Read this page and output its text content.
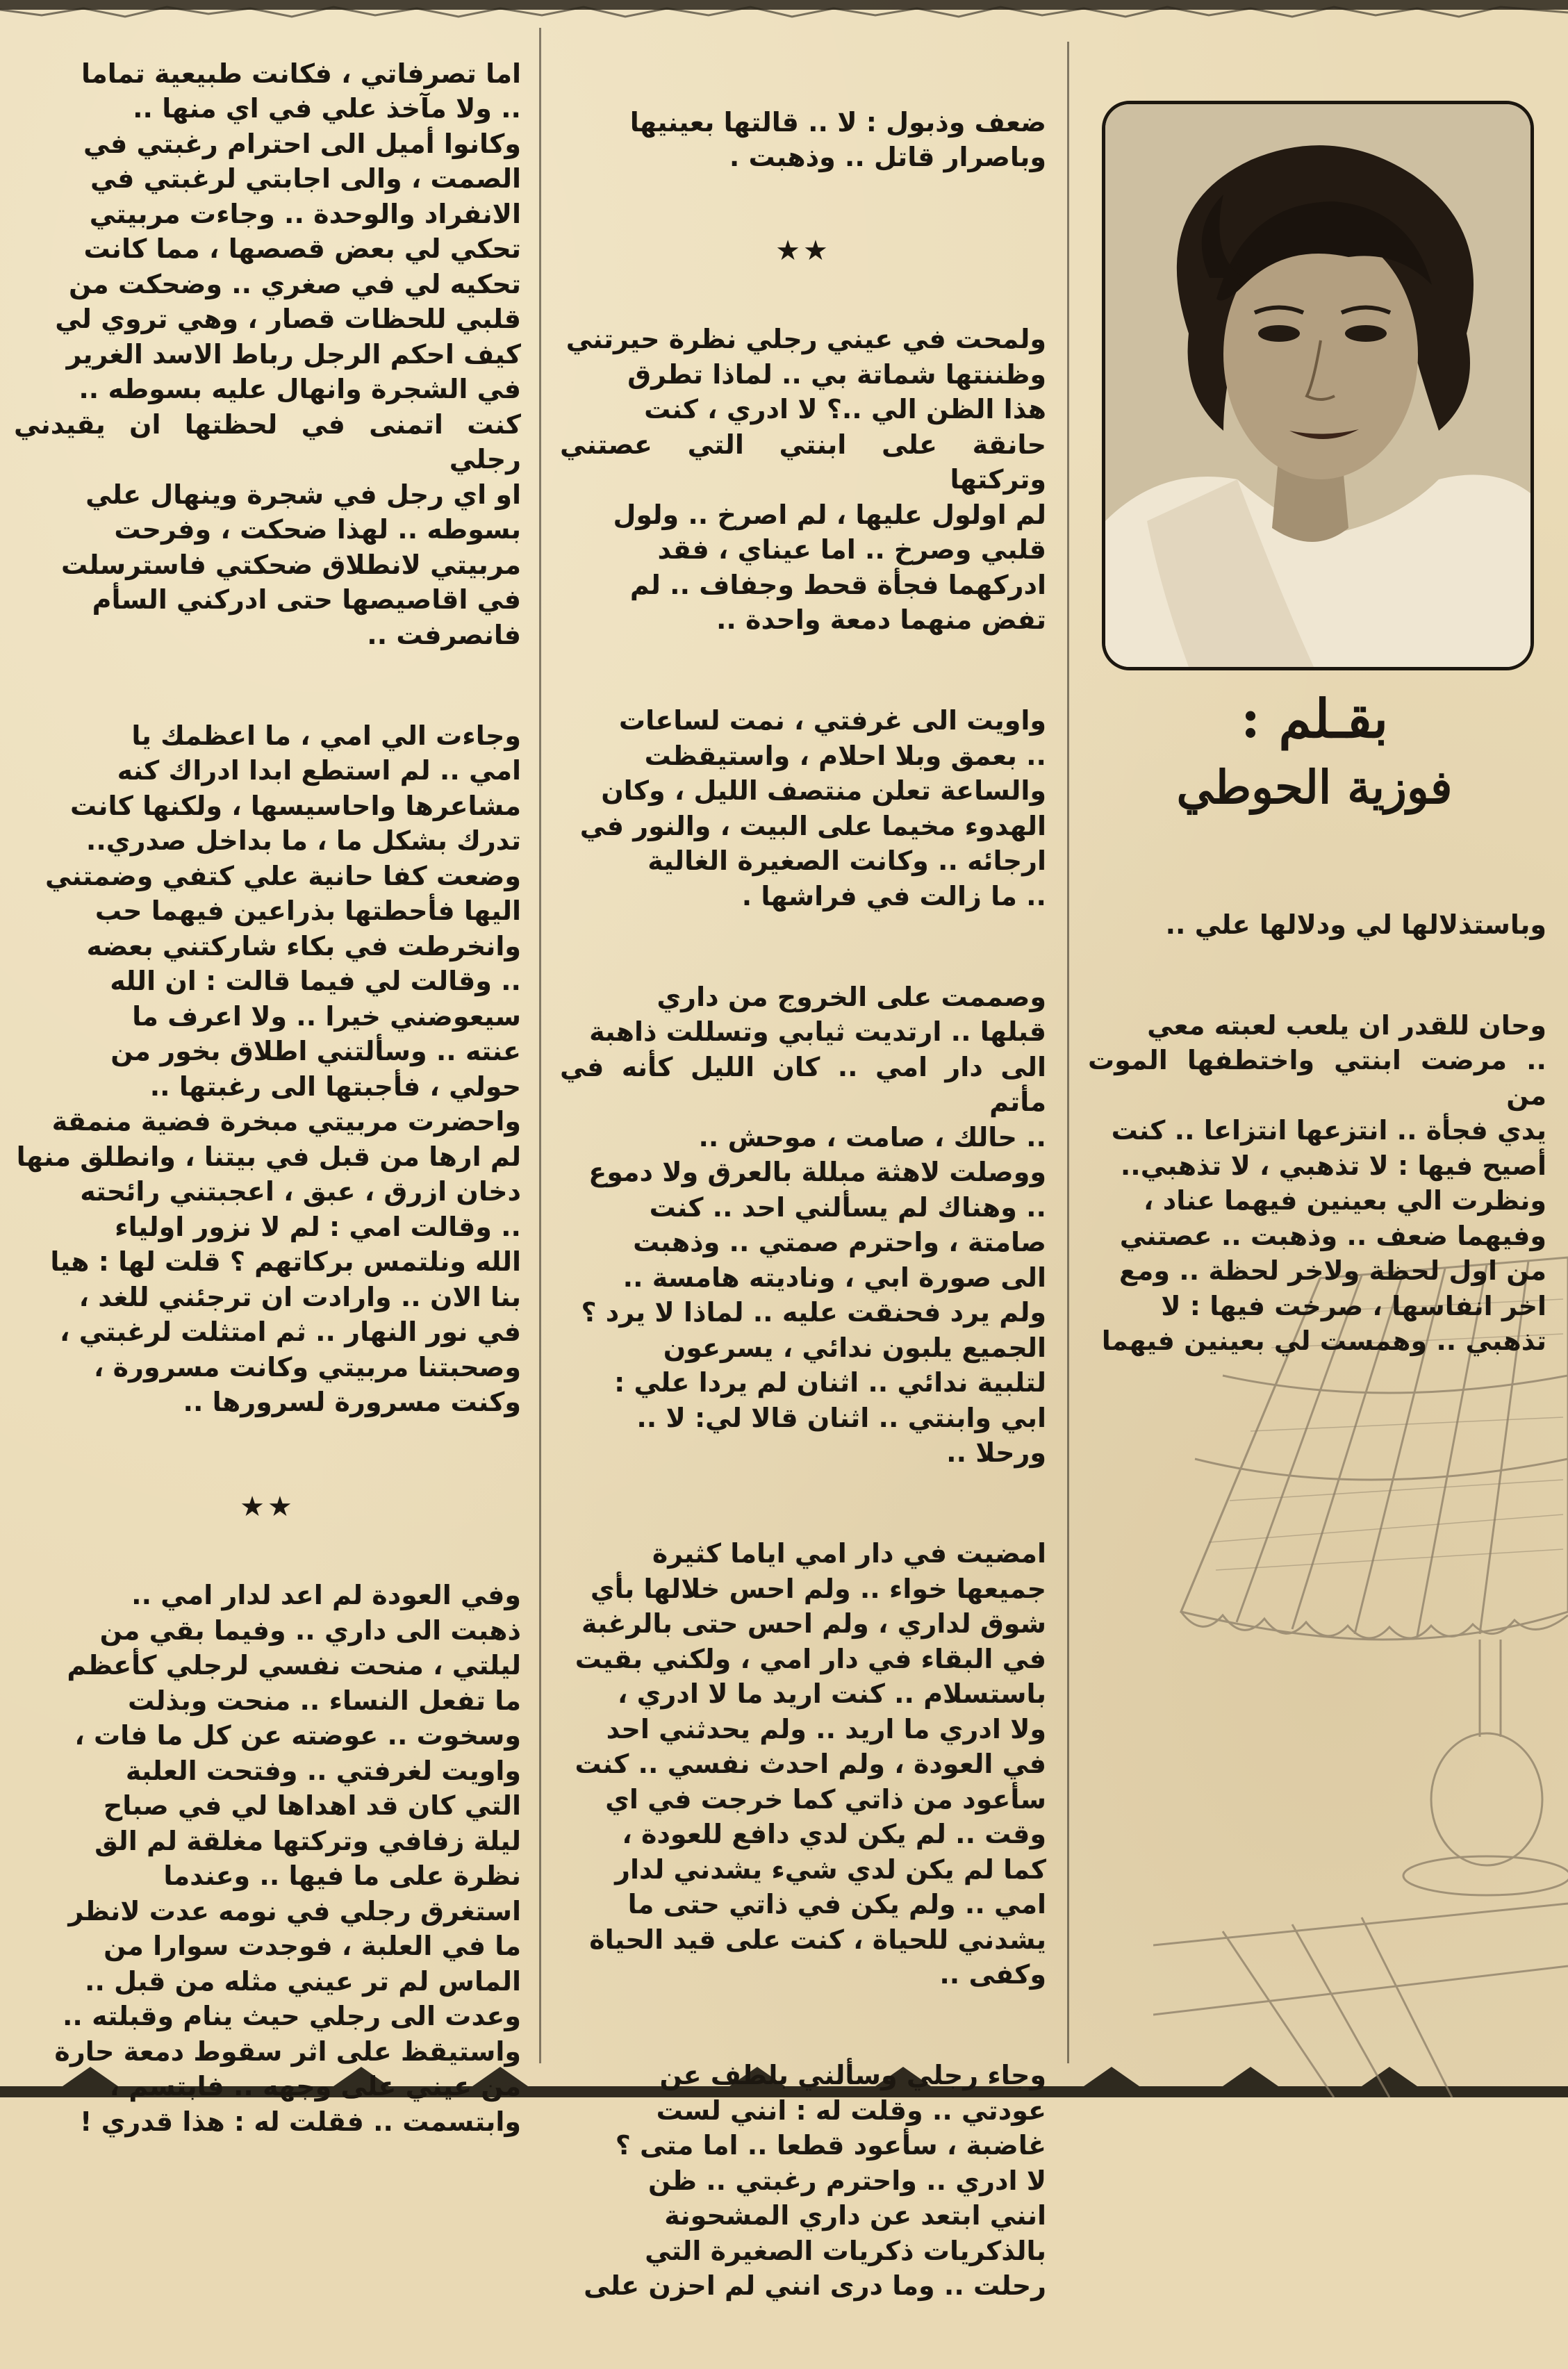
بقـلم :
فوزية الحوطي

وباستذلالها لي ودلالها علي ..

وحان للقدر ان يلعب لعبته معي
.. مرضت ابنتي واختطفها الموت من
يدي فجأة .. انتزعها انتزاعا .. كنت
أصيح فيها : لا تذهبي ، لا تذهبي..
ونظرت الي بعينين فيهما عناد ،
وفيهما ضعف .. وذهبت .. عصتني
من اول لحظة ولاخر لحظة .. ومع
اخر انفاسها ، صرخت فيها : لا
تذهبي .. وهمست لي بعينين فيهما

ضعف وذبول : لا .. قالتها بعينيها
وباصرار قاتل .. وذهبت .

★★

ولمحت في عيني رجلي نظرة حيرتني
وظننتها شماتة بي .. لماذا تطرق
هذا الظن الي ..؟ لا ادري ، كنت
حانقة على ابنتي التي عصتني وتركتها
لم اولول عليها ، لم اصرخ .. ولول
قلبي وصرخ .. اما عيناي ، فقد
ادركهما فجأة قحط وجفاف .. لم
تفض منهما دمعة واحدة ..

واويت الى غرفتي ، نمت لساعات
.. بعمق وبلا احلام ، واستيقظت
والساعة تعلن منتصف الليل ، وكان
الهدوء مخيما على البيت ، والنور في
ارجائه .. وكانت الصغيرة الغالية
.. ما زالت في فراشها .

وصممت على الخروج من داري
قبلها .. ارتديت ثيابي وتسللت ذاهبة
الى دار امي .. كان الليل كأنه في مأتم
.. حالك ، صامت ، موحش ..
ووصلت لاهثة مبللة بالعرق ولا دموع
.. وهناك لم يسألني احد .. كنت
صامتة ، واحترم صمتي .. وذهبت
الى صورة ابي ، وناديته هامسة ..
ولم يرد فحنقت عليه .. لماذا لا يرد ؟
الجميع يلبون ندائي ، يسرعون
لتلبية ندائي .. اثنان لم يردا علي :
ابي وابنتي .. اثنان قالا لي: لا ..
ورحلا ..

امضيت في دار امي اياما كثيرة
جميعها خواء .. ولم احس خلالها بأي
شوق لداري ، ولم احس حتى بالرغبة
في البقاء في دار امي ، ولكني بقيت
باستسلام .. كنت اريد ما لا ادري ،
ولا ادري ما اريد .. ولم يحدثني احد
في العودة ، ولم احدث نفسي .. كنت
سأعود من ذاتي كما خرجت في اي
وقت .. لم يكن لدي دافع للعودة ،
كما لم يكن لدي شيء يشدني لدار
امي .. ولم يكن في ذاتي حتى ما
يشدني للحياة ، كنت على قيد الحياة
وكفى ..

وجاء رجلي وسألني بلطف عن
عودتي .. وقلت له : انني لست
غاضبة ، سأعود قطعا .. اما متى ؟
لا ادري .. واحترم رغبتي .. ظن
انني ابتعد عن داري المشحونة
بالذكريات ذكريات الصغيرة التي
رحلت .. وما درى انني لم احزن على

اما تصرفاتي ، فكانت طبيعية تماما
.. ولا مآخذ علي في اي منها ..
وكانوا أميل الى احترام رغبتي في
الصمت ، والى اجابتي لرغبتي في
الانفراد والوحدة .. وجاءت مربيتي
تحكي لي بعض قصصها ، مما كانت
تحكيه لي في صغري .. وضحكت من
قلبي للحظات قصار ، وهي تروي لي
كيف احكم الرجل رباط الاسد الغرير
في الشجرة وانهال عليه بسوطه ..
كنت اتمنى في لحظتها ان يقيدني رجلي
او اي رجل في شجرة وينهال علي
بسوطه .. لهذا ضحكت ، وفرحت
مربيتي لانطلاق ضحكتي فاسترسلت
في اقاصيصها حتى ادركني السأم
فانصرفت ..

وجاءت الي امي ، ما اعظمك يا
امي .. لم استطع ابدا ادراك كنه
مشاعرها واحاسيسها ، ولكنها كانت
تدرك بشكل ما ، ما بداخل صدري..
وضعت كفا حانية علي كتفي وضمتني
اليها فأحطتها بذراعين فيهما حب
وانخرطت في بكاء شاركتني بعضه
.. وقالت لي فيما قالت : ان الله
سيعوضني خيرا .. ولا اعرف ما
عنته .. وسألتني اطلاق بخور من
حولي ، فأجبتها الى رغبتها ..
واحضرت مربيتي مبخرة فضية منمقة
لم ارها من قبل في بيتنا ، وانطلق منها
دخان ازرق ، عبق ، اعجبتني رائحته
.. وقالت امي : لم لا نزور اولياء
الله ونلتمس بركاتهم ؟ قلت لها : هيا
بنا الان .. وارادت ان ترجئني للغد ،
في نور النهار .. ثم امتثلت لرغبتي ،
وصحبتنا مربيتي وكانت مسرورة ،
وكنت مسرورة لسرورها ..

★★

وفي العودة لم اعد لدار امي ..
ذهبت الى داري .. وفيما بقي من
ليلتي ، منحت نفسي لرجلي كأعظم
ما تفعل النساء .. منحت وبذلت
وسخوت .. عوضته عن كل ما فات ،
واويت لغرفتي .. وفتحت العلبة
التي كان قد اهداها لي في صباح
ليلة زفافي وتركتها مغلقة لم الق
نظرة على ما فيها .. وعندما
استغرق رجلي في نومه عدت لانظر
ما في العلبة ، فوجدت سوارا من
الماس لم تر عيني مثله من قبل ..
وعدت الى رجلي حيث ينام وقبلته ..
واستيقظ على اثر سقوط دمعة حارة
من عيني على وجهه .. فابتسم ،
وابتسمت .. فقلت له : هذا قدري !
